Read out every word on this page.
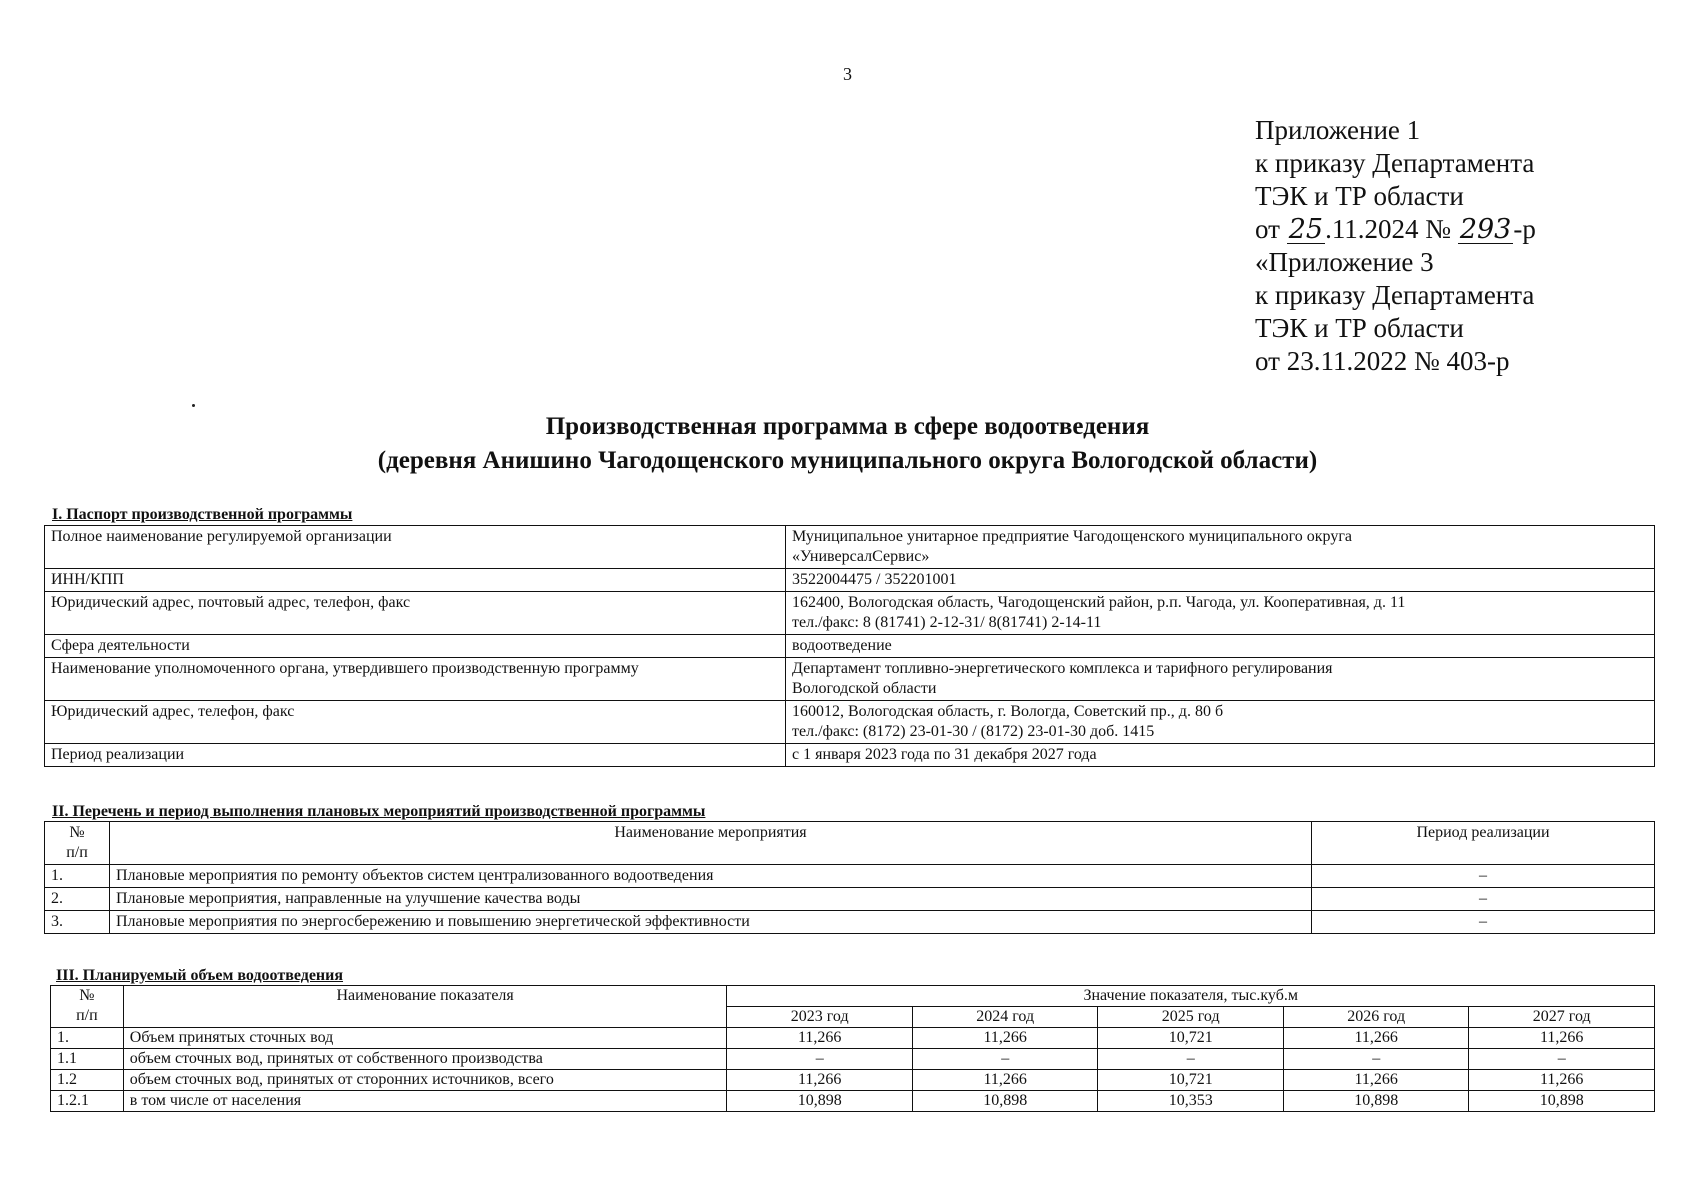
3
Приложение 1
к приказу Департамента
ТЭК и ТР области
от 25.11.2024 № 293-р
«Приложение 3
к приказу Департамента
ТЭК и ТР области
от 23.11.2022 № 403-р
Производственная программа в сфере водоотведения
(деревня Анишино Чагодощенского муниципального округа Вологодской области)
I. Паспорт производственной программы
Полное наименование регулируемой организации	Муниципальное унитарное предприятие Чагодощенского муниципального округа
«УниверсалСервис»

ИНН/КПП	3522004475 / 352201001

Юридический адрес, почтовый адрес, телефон, факс	162400, Вологодская область, Чагодощенский район, р.п. Чагода, ул. Кооперативная, д. 11
тел./факс: 8 (81741) 2-12-31/ 8(81741) 2-14-11

Сфера деятельности	водоотведение

Наименование уполномоченного органа, утвердившего производственную программу	Департамент топливно-энергетического комплекса и тарифного регулирования
Вологодской области

Юридический адрес, телефон, факс	160012, Вологодская область, г. Вологда, Советский пр., д. 80 б
тел./факс: (8172) 23-01-30 / (8172) 23-01-30 доб. 1415

Период реализации	с 1 января 2023 года по 31 декабря 2027 года
II. Перечень и период выполнения плановых мероприятий производственной программы
№
п/п	Наименование мероприятия	Период реализации
1.	Плановые мероприятия по ремонту объектов систем централизованного водоотведения	–
2.	Плановые мероприятия, направленные на улучшение качества воды	–
3.	Плановые мероприятия по энергосбережению и повышению энергетической эффективности	–
III. Планируемый объем водоотведения
№
п/п	Наименование показателя	Значение показателя, тыс.куб.м				
		2023 год	2024 год	2025 год	2026 год	2027 год
1.	Объем принятых сточных вод	11,266	11,266	10,721	11,266	11,266
1.1	объем сточных вод, принятых от собственного производства	–	–	–	–	–
1.2	объем сточных вод, принятых от сторонних источников, всего	11,266	11,266	10,721	11,266	11,266
1.2.1	в том числе от населения	10,898	10,898	10,353	10,898	10,898
